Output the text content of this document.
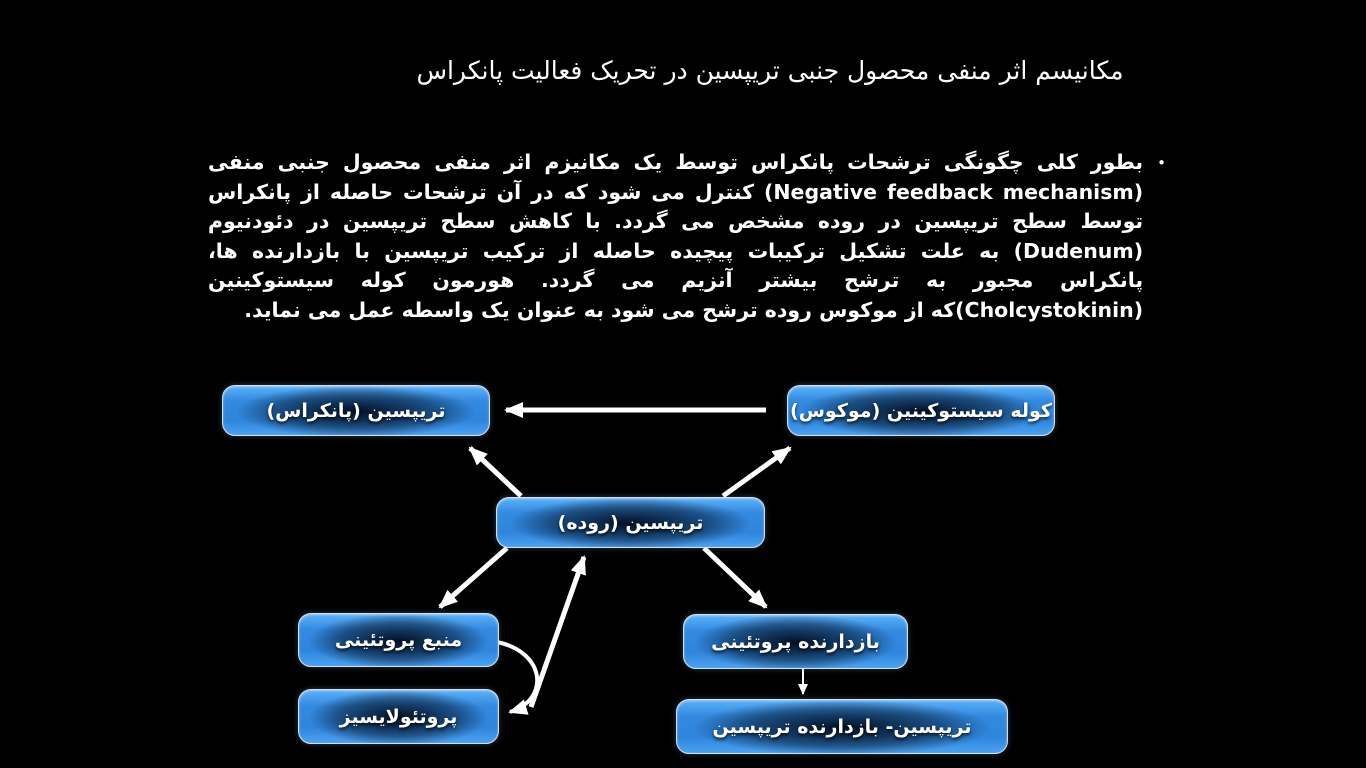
مکانیسم اثر منفی محصول جنبی تریپسین در تحریک فعالیت پانکراس
•
بطور کلی چگونگی ترشحات پانکراس توسط یک مکانیزم اثر منفی محصول جنبی منفی (Negative feedback mechanism) کنترل می شود که در آن ترشحات حاصله از پانکراس توسط سطح تریپسین در روده مشخص می گردد. با کاهش سطح تریپسین در دئودنیوم (Dudenum) به علت تشکیل ترکیبات پیچیده حاصله از ترکیب تریپسین با بازدارنده ها، پانکراس مجبور به ترشح بیشتر آنزیم می گردد. هورمون کوله سیستوکینین (Cholcystokinin)که از موکوس روده ترشح می شود به عنوان یک واسطه عمل می نماید.
تریپسین (پانکراس)	کوله سیستوکینین (موکوس)
تریپسین (روده)
منبع پروتئینی
پروتئولایسیز
بازدارنده پروتئینی
تریپسین- بازدارنده تریپسین
